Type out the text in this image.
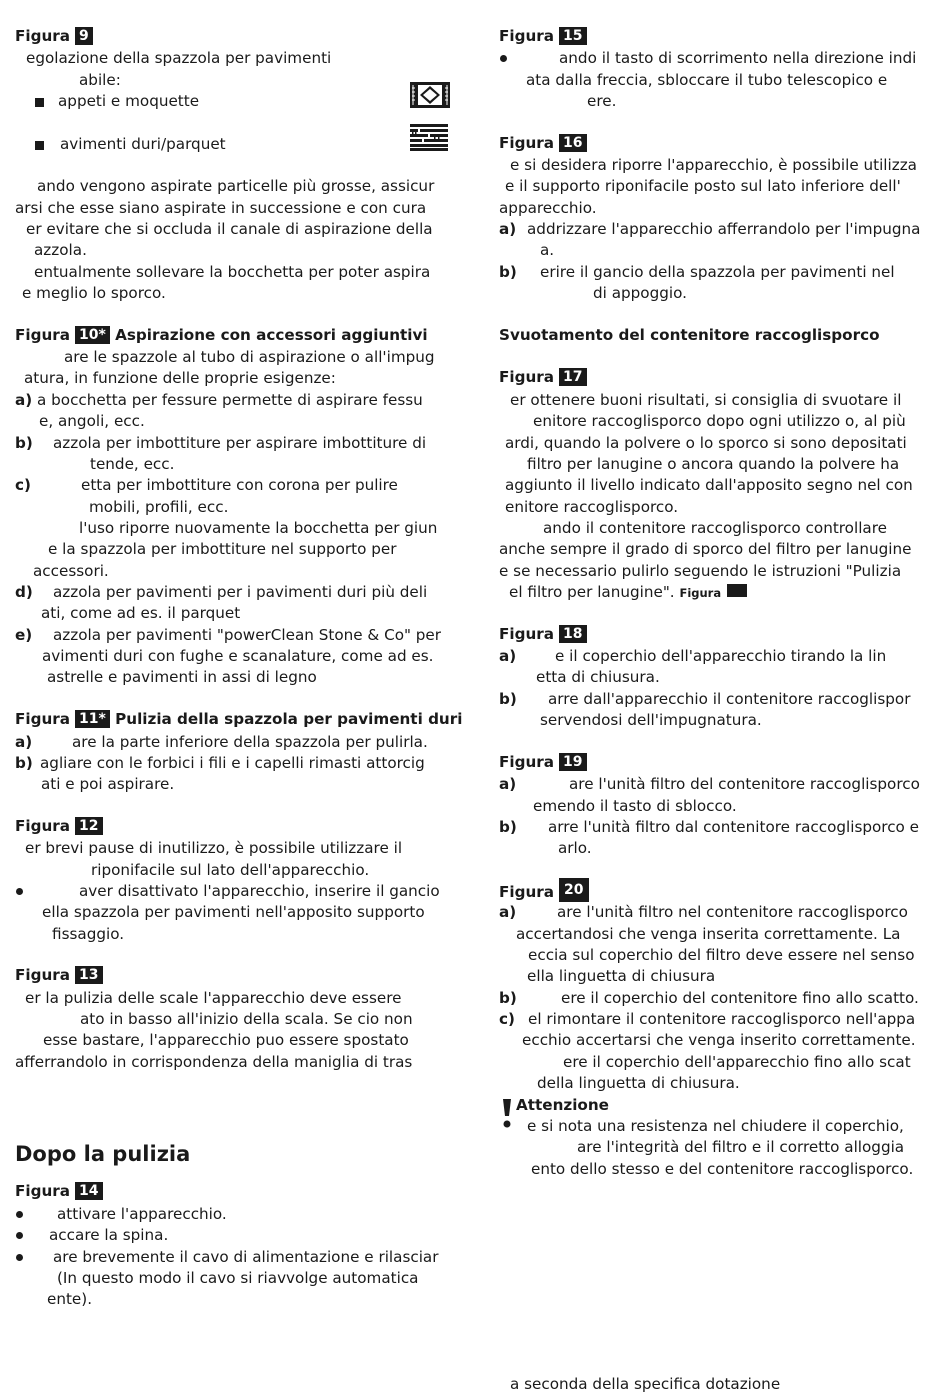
Figura 9
egolazione della spazzola per pavimenti
abile:
appeti e moquette
avimenti duri/parquet
ando vengono aspirate particelle più grosse, assicur
arsi che esse siano aspirate in successione e con cura
er evitare che si occluda il canale di aspirazione della
azzola.
entualmente sollevare la bocchetta per poter aspira
e meglio lo sporco.
Figura 10* Aspirazione con accessori aggiuntivi
are le spazzole al tubo di aspirazione o all'impug
atura, in funzione delle proprie esigenze:
a) a bocchetta per fessure permette di aspirare fessu
e, angoli, ecc.
b) azzola per imbottiture per aspirare imbottiture di
tende, ecc.
c)	etta per imbottiture con corona per pulire
mobili, profili, ecc.
l'uso riporre nuovamente la bocchetta per giun
e la spazzola per imbottiture nel supporto per
accessori.
d) azzola per pavimenti per i pavimenti duri più deli
ati, come ad es. il parquet
e) azzola per pavimenti "powerClean Stone & Co" per
avimenti duri con fughe e scanalature, come ad es.
astrelle e pavimenti in assi di legno
Figura 11* Pulizia della spazzola per pavimenti duri
a)	are la parte inferiore della spazzola per pulirla.
b) agliare con le forbici i fili e i capelli rimasti attorcig
ati e poi aspirare.
Figura 12
er brevi pause di inutilizzo, è possibile utilizzare il
riponifacile sul lato dell'apparecchio.
aver disattivato l'apparecchio, inserire il gancio
ella spazzola per pavimenti nell'apposito supporto
fissaggio.
Figura 13
er la pulizia delle scale l'apparecchio deve essere
ato in basso all'inizio della scala. Se cio non
esse bastare, l'apparecchio puo essere spostato
afferrandolo in corrispondenza della maniglia di tras
Dopo la pulizia
Figura 14
attivare l'apparecchio.
accare la spina.
are brevemente il cavo di alimentazione e rilasciar
(In questo modo il cavo si riavvolge automatica
ente).
Figura 15
ando il tasto di scorrimento nella direzione indi
ata dalla freccia, sbloccare il tubo telescopico e
ere.
Figura 16
e si desidera riporre l'apparecchio, è possibile utilizza
e il supporto riponifacile posto sul lato inferiore dell'
apparecchio.
a) addrizzare l'apparecchio afferrandolo per l'impugna
a.
b) erire il gancio della spazzola per pavimenti nel
di appoggio.
Svuotamento del contenitore raccoglisporco
Figura 17
er ottenere buoni risultati, si consiglia di svuotare il
enitore raccoglisporco dopo ogni utilizzo o, al più
ardi, quando la polvere o lo sporco si sono depositati
filtro per lanugine o ancora quando la polvere ha
aggiunto il livello indicato dall'apposito segno nel con
enitore raccoglisporco.
ando il contenitore raccoglisporco controllare
anche sempre il grado di sporco del filtro per lanugine
e se necessario pulirlo seguendo le istruzioni "Pulizia
el filtro per lanugine". Figura
Figura 18
a)	e il coperchio dell'apparecchio tirando la lin
etta di chiusura.
b) arre dall'apparecchio il contenitore raccoglispor
servendosi dell'impugnatura.
Figura 19
a)	are l'unità filtro del contenitore raccoglisporco
emendo il tasto di sblocco.
b) arre l'unità filtro dal contenitore raccoglisporco e
arlo.
Figura 20
a)	are l'unità filtro nel contenitore raccoglisporco
accertandosi che venga inserita correttamente. La
eccia sul coperchio del filtro deve essere nel senso
ella linguetta di chiusura
b)	ere il coperchio del contenitore fino allo scatto.
c) el rimontare il contenitore raccoglisporco nell'appa
ecchio accertarsi che venga inserito correttamente.
ere il coperchio dell'apparecchio fino allo scat
della linguetta di chiusura.
Attenzione
e si nota una resistenza nel chiudere il coperchio,
are l'integrità del filtro e il corretto alloggia
ento dello stesso e del contenitore raccoglisporco.
a seconda della specifica dotazione
